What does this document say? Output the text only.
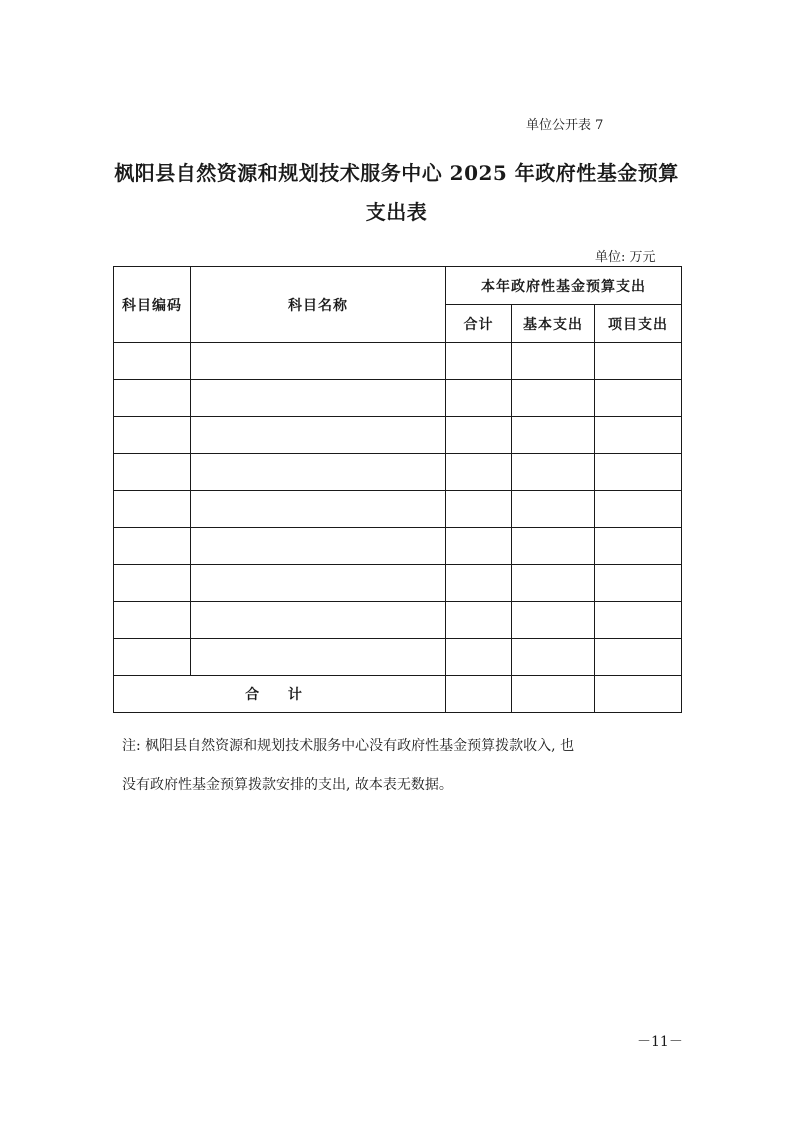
单位公开表 7
枫阳县自然资源和规划技术服务中心 2025 年政府性基金预算
支出表
单位: 万元
科目编码	科目名称	本年政府性基金预算支出		
		合计	基本支出	项目支出

合 计				
注: 枫阳县自然资源和规划技术服务中心没有政府性基金预算拨款收入, 也
没有政府性基金预算拨款安排的支出, 故本表无数据。
－11－
